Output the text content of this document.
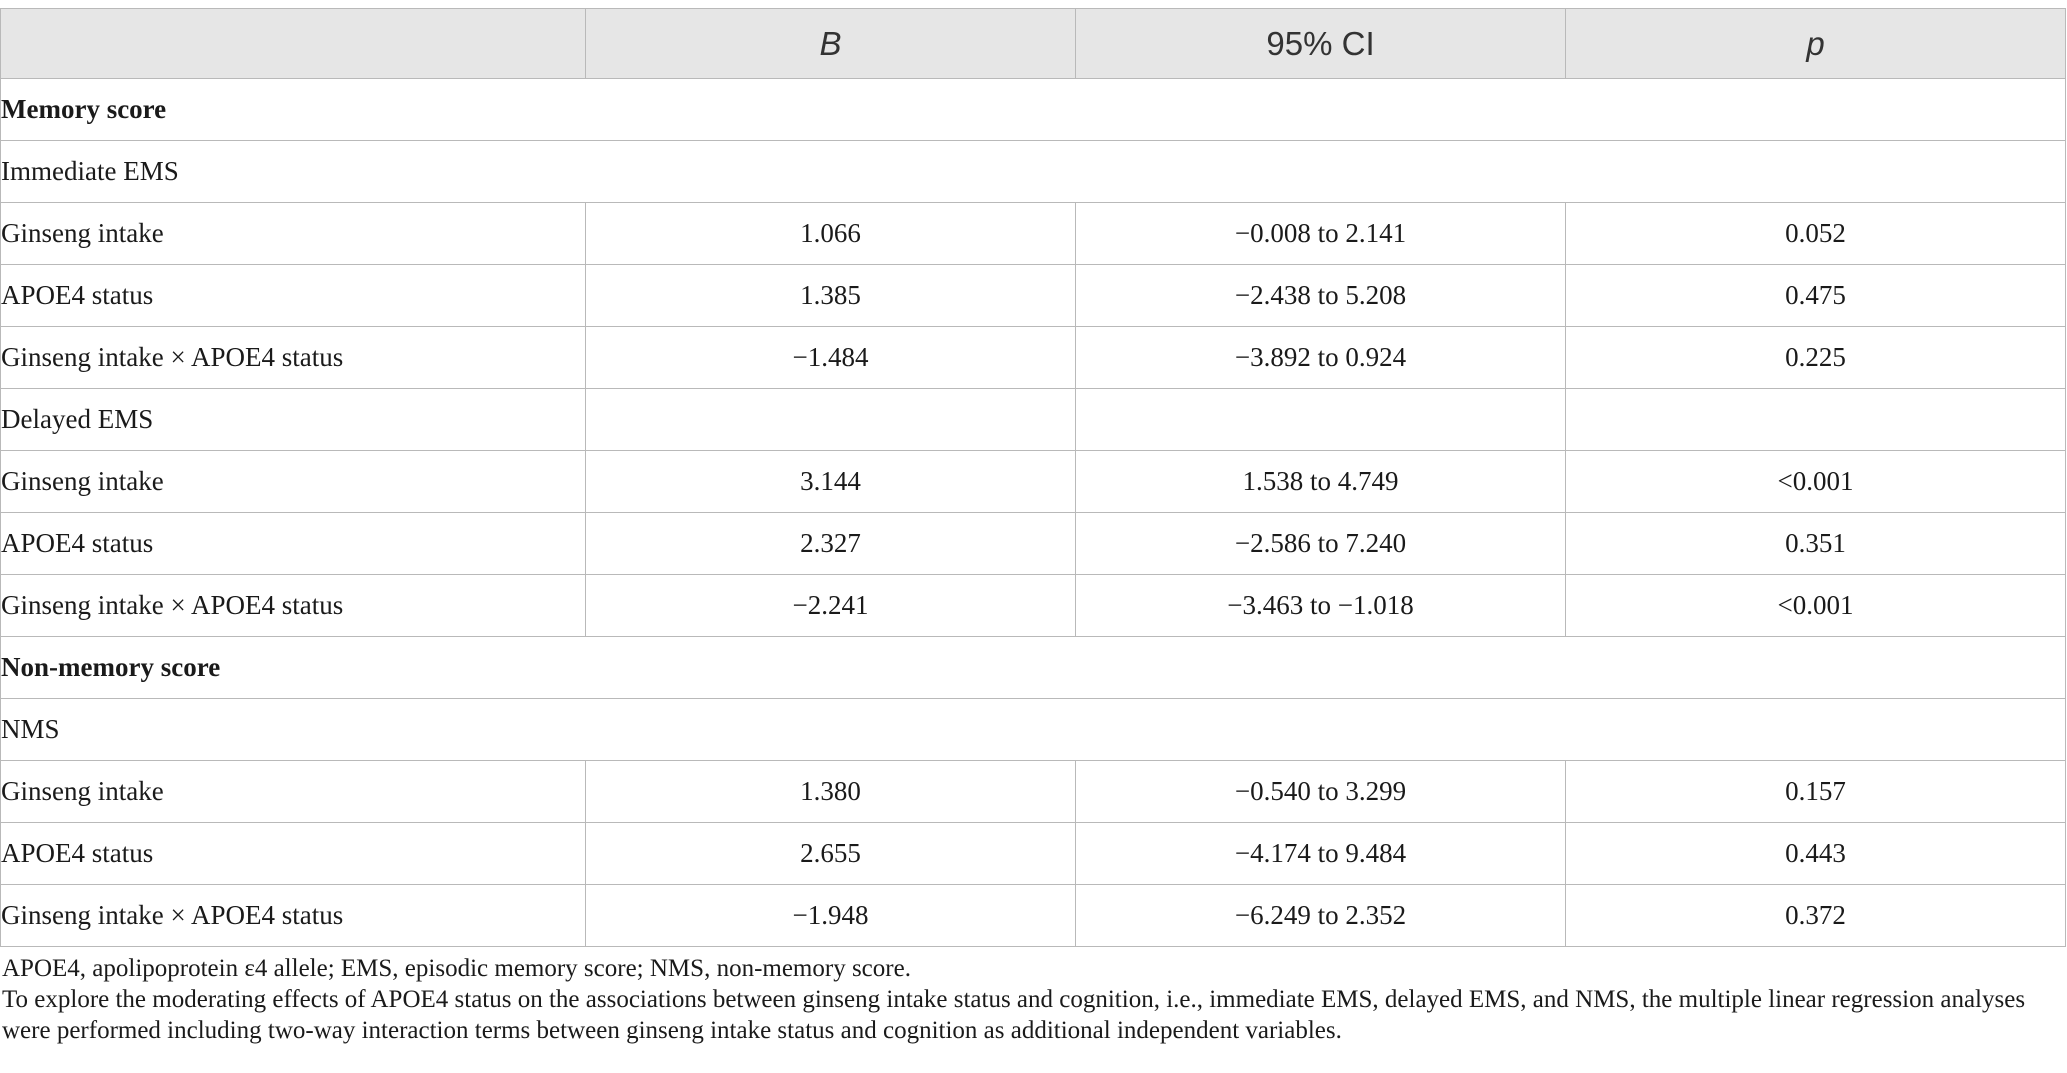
	B	95% CI	p
Memory score			
Immediate EMS			
Ginseng intake	1.066	−0.008 to 2.141	0.052
APOE4 status	1.385	−2.438 to 5.208	0.475
Ginseng intake × APOE4 status	−1.484	−3.892 to 0.924	0.225
Delayed EMS			
Ginseng intake	3.144	1.538 to 4.749	<0.001
APOE4 status	2.327	−2.586 to 7.240	0.351
Ginseng intake × APOE4 status	−2.241	−3.463 to −1.018	<0.001
Non-memory score			
NMS			
Ginseng intake	1.380	−0.540 to 3.299	0.157
APOE4 status	2.655	−4.174 to 9.484	0.443
Ginseng intake × APOE4 status	−1.948	−6.249 to 2.352	0.372

APOE4, apolipoprotein ε4 allele; EMS, episodic memory score; NMS, non-memory score.

To explore the moderating effects of APOE4 status on the associations between ginseng intake status and cognition, i.e., immediate EMS, delayed EMS, and NMS, the multiple linear regression analyses were performed including two-way interaction terms between ginseng intake status and cognition as additional independent variables.
